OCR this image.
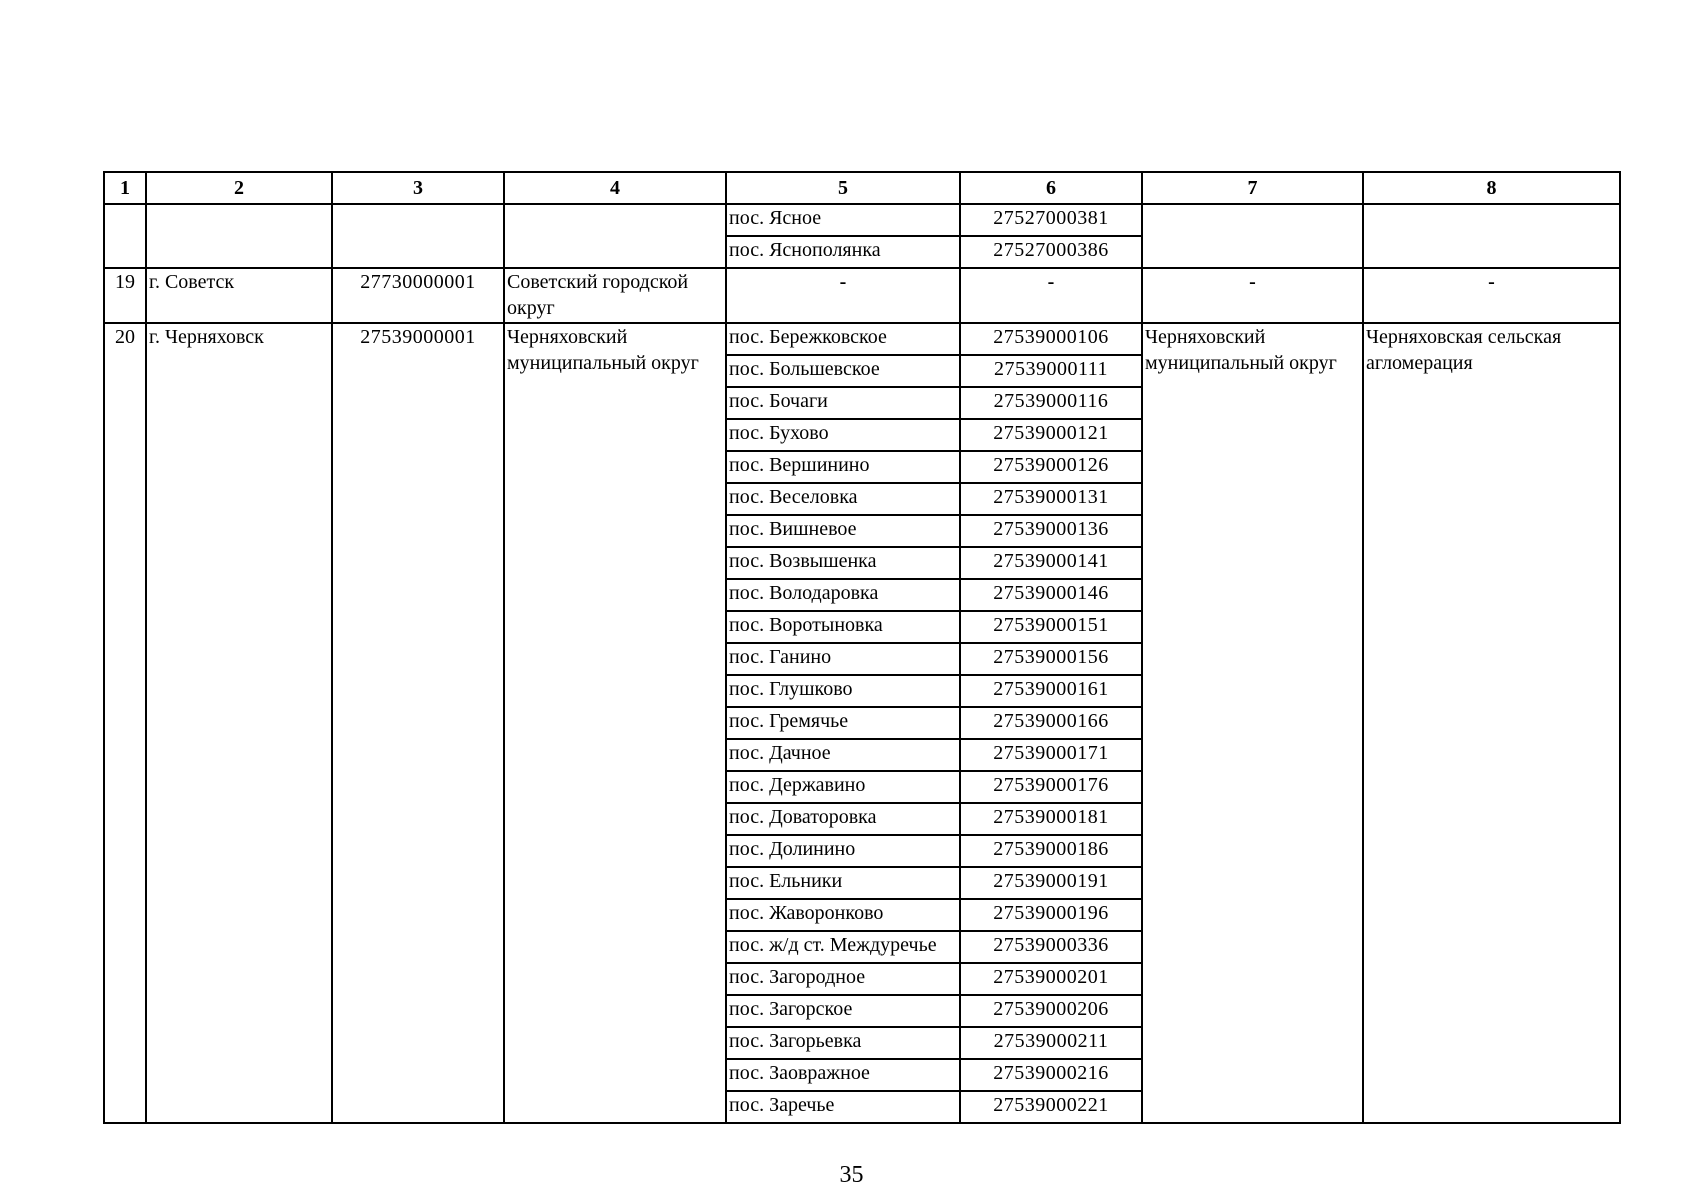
1	2	3	4	5	6	7	8
				пос. Ясное	27527000381		
				пос. Яснополянка	27527000386		
19	г. Советск	27730000001	Советский городской округ	-	-	-	-
20	г. Черняховск	27539000001	Черняховский муниципальный округ	пос. Бережковское	27539000106	Черняховский муниципальный округ	Черняховская сельская агломерация
				пос. Большевское	27539000111		
				пос. Бочаги	27539000116		
				пос. Бухово	27539000121		
				пос. Вершинино	27539000126		
				пос. Веселовка	27539000131		
				пос. Вишневое	27539000136		
				пос. Возвышенка	27539000141		
				пос. Володаровка	27539000146		
				пос. Воротыновка	27539000151		
				пос. Ганино	27539000156		
				пос. Глушково	27539000161		
				пос. Гремячье	27539000166		
				пос. Дачное	27539000171		
				пос. Державино	27539000176		
				пос. Доваторовка	27539000181		
				пос. Долинино	27539000186		
				пос. Ельники	27539000191		
				пос. Жаворонково	27539000196		
				пос. ж/д ст. Междуречье	27539000336		
				пос. Загородное	27539000201		
				пос. Загорское	27539000206		
				пос. Загорьевка	27539000211		
				пос. Заовражное	27539000216		
				пос. Заречье	27539000221		
35
